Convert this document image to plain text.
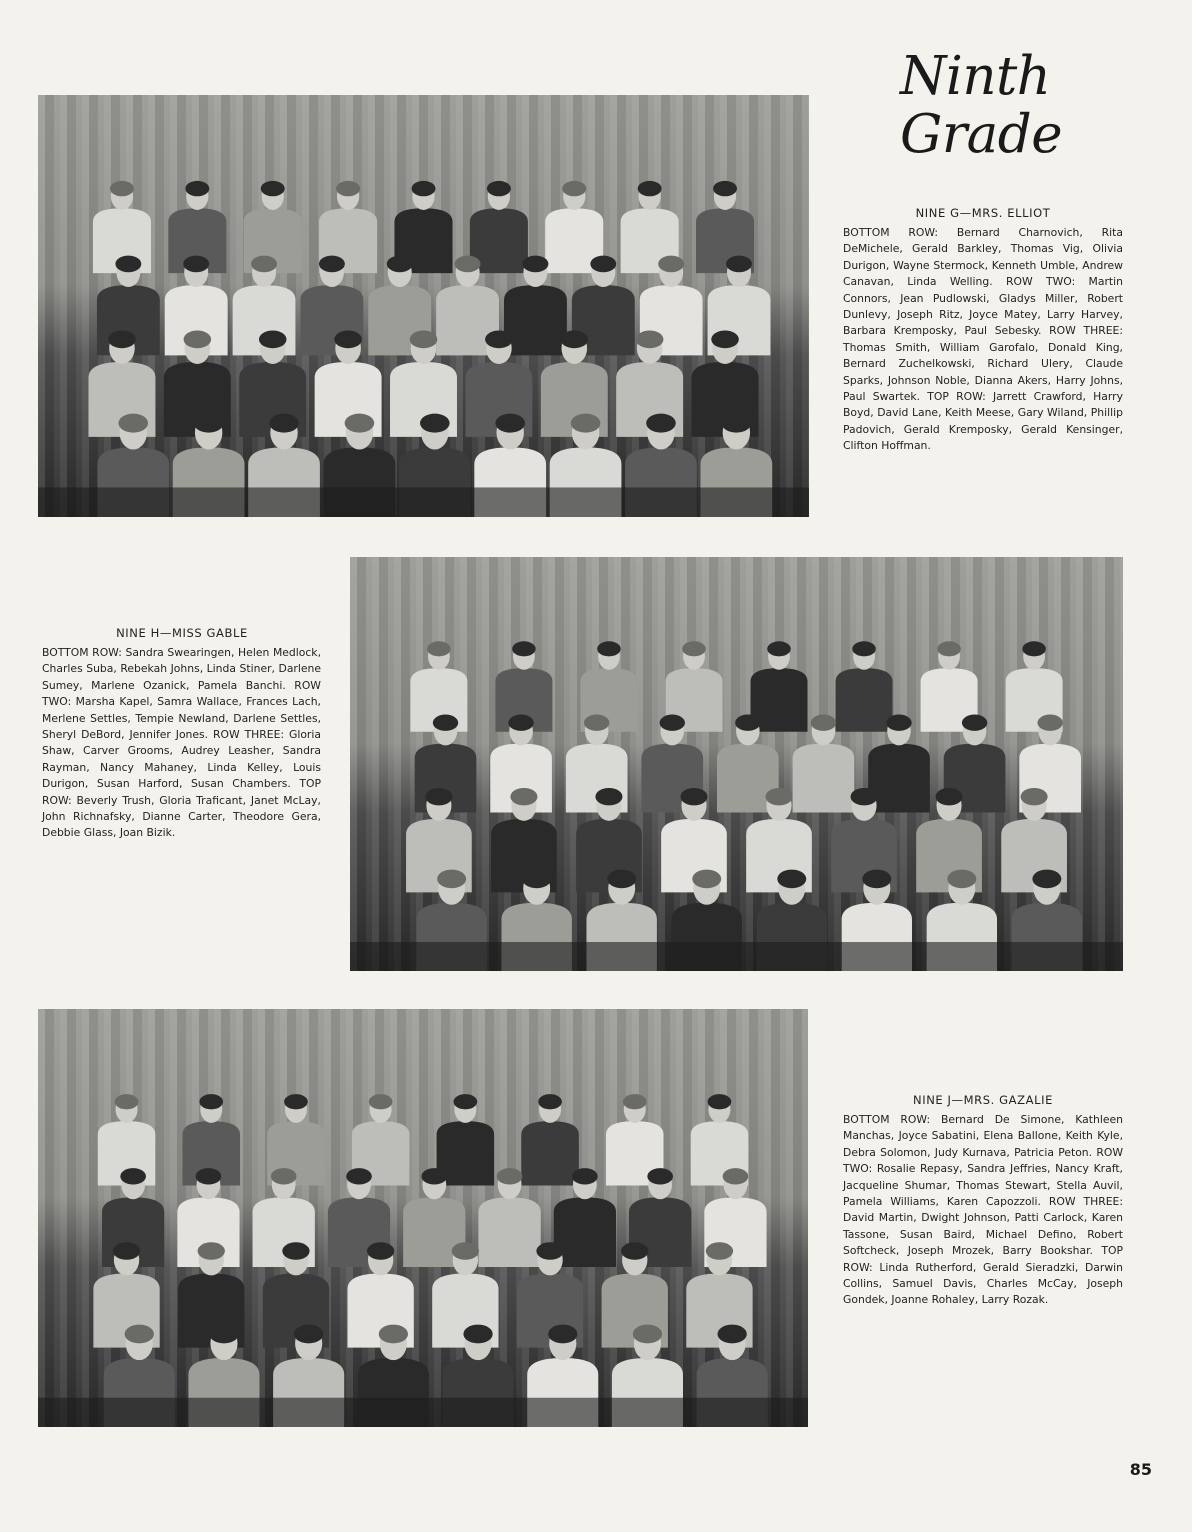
Ninth
Grade
NINE G—MRS. ELLIOT
BOTTOM ROW: Bernard Charnovich, Rita DeMichele, Gerald Barkley, Thomas Vig, Olivia Durigon, Wayne Stermock, Kenneth Umble, Andrew Canavan, Linda Welling. ROW TWO: Martin Connors, Jean Pudlowski, Gladys Miller, Robert Dunlevy, Joseph Ritz, Joyce Matey, Larry Harvey, Barbara Kremposky, Paul Sebesky. ROW THREE: Thomas Smith, William Garofalo, Donald King, Bernard Zuchelkowski, Richard Ulery, Claude Sparks, Johnson Noble, Dianna Akers, Harry Johns, Paul Swartek. TOP ROW: Jarrett Crawford, Harry Boyd, David Lane, Keith Meese, Gary Wiland, Phillip Padovich, Gerald Kremposky, Gerald Kensinger, Clifton Hoffman.
NINE H—MISS GABLE
BOTTOM ROW: Sandra Swearingen, Helen Medlock, Charles Suba, Rebekah Johns, Linda Stiner, Darlene Sumey, Marlene Ozanick, Pamela Banchi. ROW TWO: Marsha Kapel, Samra Wallace, Frances Lach, Merlene Settles, Tempie Newland, Darlene Settles, Sheryl DeBord, Jennifer Jones. ROW THREE: Gloria Shaw, Carver Grooms, Audrey Leasher, Sandra Rayman, Nancy Mahaney, Linda Kelley, Louis Durigon, Susan Harford, Susan Chambers. TOP ROW: Beverly Trush, Gloria Traficant, Janet McLay, John Richnafsky, Dianne Carter, Theodore Gera, Debbie Glass, Joan Bizik.
NINE J—MRS. GAZALIE
BOTTOM ROW: Bernard De Simone, Kathleen Manchas, Joyce Sabatini, Elena Ballone, Keith Kyle, Debra Solomon, Judy Kurnava, Patricia Peton. ROW TWO: Rosalie Repasy, Sandra Jeffries, Nancy Kraft, Jacqueline Shumar, Thomas Stewart, Stella Auvil, Pamela Williams, Karen Capozzoli. ROW THREE: David Martin, Dwight Johnson, Patti Carlock, Karen Tassone, Susan Baird, Michael Defino, Robert Softcheck, Joseph Mrozek, Barry Bookshar. TOP ROW: Linda Rutherford, Gerald Sieradzki, Darwin Collins, Samuel Davis, Charles McCay, Joseph Gondek, Joanne Rohaley, Larry Rozak.
85
